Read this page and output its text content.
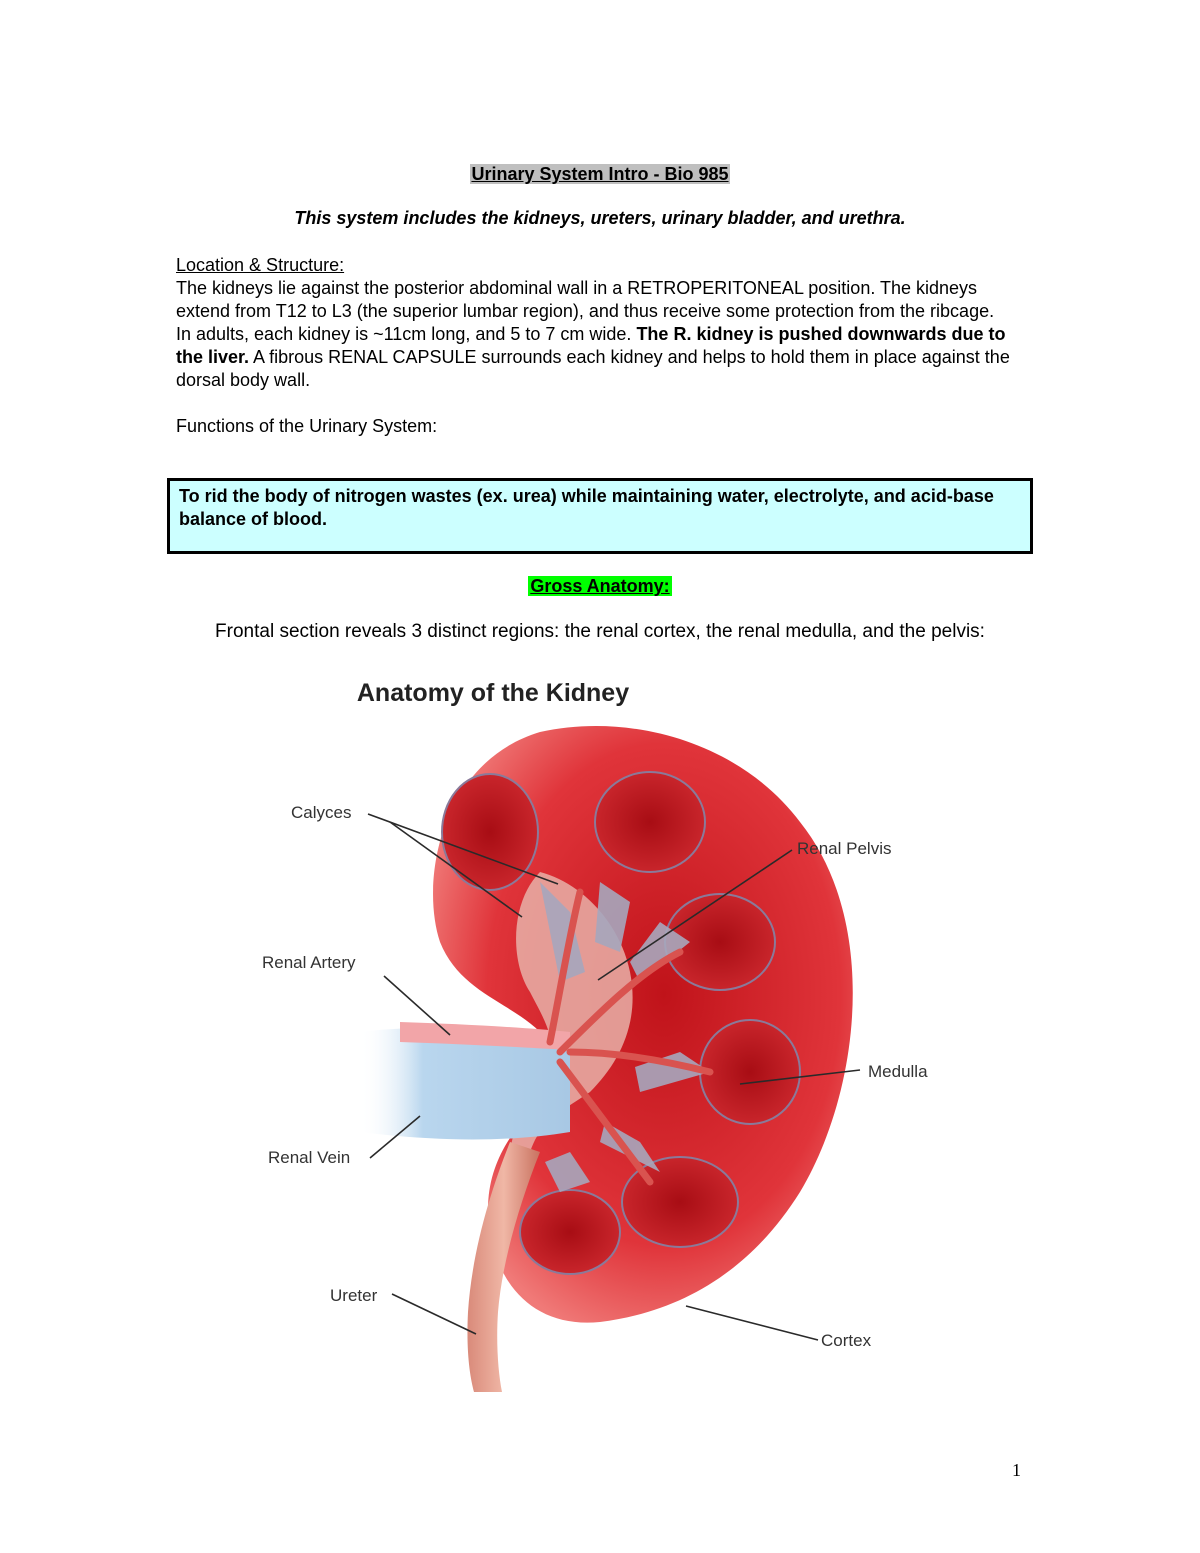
Urinary System Intro - Bio 985
This system includes the kidneys, ureters, urinary bladder, and urethra.

Location & Structure:

The kidneys lie against the posterior abdominal wall in a RETROPERITONEAL position. The kidneys extend from T12 to L3 (the superior lumbar region), and thus receive some protection from the ribcage.

In adults, each kidney is ~11cm long, and 5 to 7 cm wide. The R. kidney is pushed downwards due to the liver. A fibrous RENAL CAPSULE surrounds each kidney and helps to hold them in place against the dorsal body wall.

Functions of the Urinary System:

To rid the body of nitrogen wastes (ex. urea) while maintaining water, electrolyte, and acid-base balance of blood.
Gross Anatomy:
Frontal section reveals 3 distinct regions: the renal cortex, the renal medulla, and the pelvis:
Anatomy of the Kidney
Calyces
Renal Pelvis
Renal Artery
Medulla
Renal Vein
Ureter
Cortex
1
